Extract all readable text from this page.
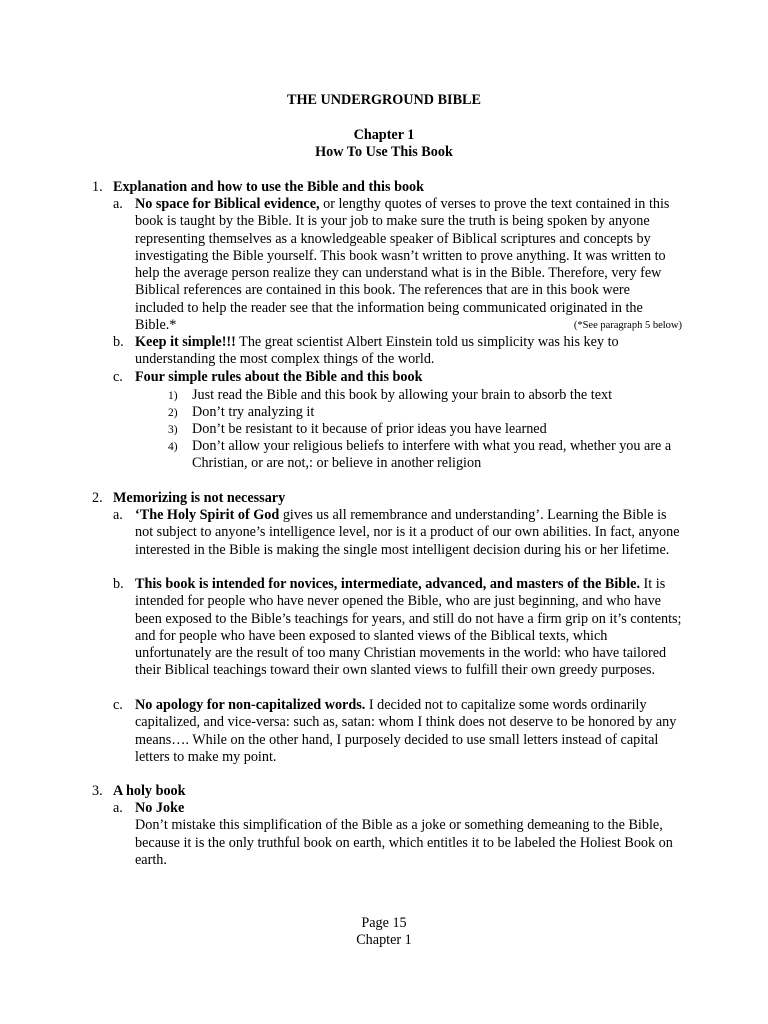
THE UNDERGROUND BIBLE
Chapter 1
How To Use This Book
1. Explanation and how to use the Bible and this book
a. No space for Biblical evidence, or lengthy quotes of verses to prove the text contained in this book is taught by the Bible. It is your job to make sure the truth is being spoken by anyone representing themselves as a knowledgeable speaker of Biblical scriptures and concepts by investigating the Bible yourself. This book wasn’t written to prove anything. It was written to help the average person realize they can understand what is in the Bible. Therefore, very few Biblical references are contained in this book. The references that are in this book were included to help the reader see that the information being communicated originated in the Bible.*	(*See paragraph 5 below)
b. Keep it simple!!! The great scientist Albert Einstein told us simplicity was his key to understanding the most complex things of the world.
c. Four simple rules about the Bible and this book
1) Just read the Bible and this book by allowing your brain to absorb the text
2) Don’t try analyzing it
3) Don’t be resistant to it because of prior ideas you have learned
4) Don’t allow your religious beliefs to interfere with what you read, whether you are a Christian, or are not,: or believe in another religion
2. Memorizing is not necessary
a. ‘The Holy Spirit of God gives us all remembrance and understanding’. Learning the Bible is not subject to anyone’s intelligence level, nor is it a product of our own abilities. In fact, anyone interested in the Bible is making the single most intelligent decision during his or her lifetime.
b. This book is intended for novices, intermediate, advanced, and masters of the Bible. It is intended for people who have never opened the Bible, who are just beginning, and who have been exposed to the Bible’s teachings for years, and still do not have a firm grip on it’s contents; and for people who have been exposed to slanted views of the Biblical texts, which unfortunately are the result of too many Christian movements in the world: who have tailored their Biblical teachings toward their own slanted views to fulfill their own greedy purposes.
c. No apology for non-capitalized words. I decided not to capitalize some words ordinarily capitalized, and vice-versa: such as, satan: whom I think does not deserve to be honored by any means…. While on the other hand, I purposely decided to use small letters instead of capital letters to make my point.
3. A holy book
a. No Joke
Don’t mistake this simplification of the Bible as a joke or something demeaning to the Bible, because it is the only truthful book on earth, which entitles it to be labeled the Holiest Book on earth.
Page 15
Chapter 1
